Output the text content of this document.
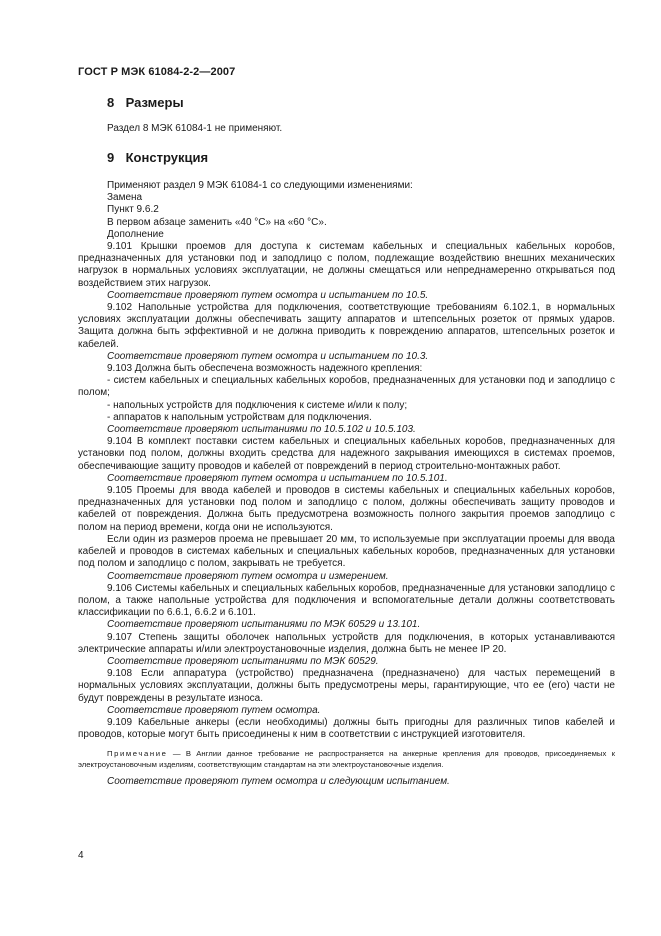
ГОСТ Р МЭК 61084-2-2—2007
8 Размеры

Раздел 8 МЭК 61084-1 не применяют.

9 Конструкция

Применяют раздел 9 МЭК 61084-1 со следующими изменениями:

Замена

Пункт 9.6.2

В первом абзаце заменить «40 °С» на «60 °С».

Дополнение

9.101 Крышки проемов для доступа к системам кабельных и специальных кабельных коробов, предназначенных для установки под и заподлицо с полом, подлежащие воздействию внешних механических нагрузок в нормальных условиях эксплуатации, не должны смещаться или непреднамеренно открываться под воздействием этих нагрузок.

Соответствие проверяют путем осмотра и испытанием по 10.5.

9.102 Напольные устройства для подключения, соответствующие требованиям 6.102.1, в нормальных условиях эксплуатации должны обеспечивать защиту аппаратов и штепсельных розеток от прямых ударов. Защита должна быть эффективной и не должна приводить к повреждению аппаратов, штепсельных розеток и кабелей.

Соответствие проверяют путем осмотра и испытанием по 10.3.

9.103 Должна быть обеспечена возможность надежного крепления:

- систем кабельных и специальных кабельных коробов, предназначенных для установки под и заподлицо с полом;

- напольных устройств для подключения к системе и/или к полу;

- аппаратов к напольным устройствам для подключения.

Соответствие проверяют испытаниями по 10.5.102 и 10.5.103.

9.104 В комплект поставки систем кабельных и специальных кабельных коробов, предназначенных для установки под полом, должны входить средства для надежного закрывания имеющихся в системах проемов, обеспечивающие защиту проводов и кабелей от повреждений в период строительно-монтажных работ.

Соответствие проверяют путем осмотра и испытанием по 10.5.101.

9.105 Проемы для ввода кабелей и проводов в системы кабельных и специальных кабельных коробов, предназначенных для установки под полом и заподлицо с полом, должны обеспечивать защиту проводов и кабелей от повреждения. Должна быть предусмотрена возможность полного закрытия проемов заподлицо с полом на период времени, когда они не используются.

Если один из размеров проема не превышает 20 мм, то используемые при эксплуатации проемы для ввода кабелей и проводов в системах кабельных и специальных кабельных коробов, предназначенных для установки под полом и заподлицо с полом, закрывать не требуется.

Соответствие проверяют путем осмотра и измерением.

9.106 Системы кабельных и специальных кабельных коробов, предназначенные для установки заподлицо с полом, а также напольные устройства для подключения и вспомогательные детали должны соответствовать классификации по 6.6.1, 6.6.2 и 6.101.

Соответствие проверяют испытаниями по МЭК 60529 и 13.101.

9.107 Степень защиты оболочек напольных устройств для подключения, в которых устанавливаются электрические аппараты и/или электроустановочные изделия, должна быть не менее IP 20.

Соответствие проверяют испытаниями по МЭК 60529.

9.108 Если аппаратура (устройство) предназначена (предназначено) для частых перемещений в нормальных условиях эксплуатации, должны быть предусмотрены меры, гарантирующие, что ее (его) части не будут повреждены в результате износа.

Соответствие проверяют путем осмотра.

9.109 Кабельные анкеры (если необходимы) должны быть пригодны для различных типов кабелей и проводов, которые могут быть присоединены к ним в соответствии с инструкцией изготовителя.

Примечание — В Англии данное требование не распространяется на анкерные крепления для проводов, присоединяемых к электроустановочным изделиям, соответствующим стандартам на эти электроустановочные изделия.

Соответствие проверяют путем осмотра и следующим испытанием.

4
